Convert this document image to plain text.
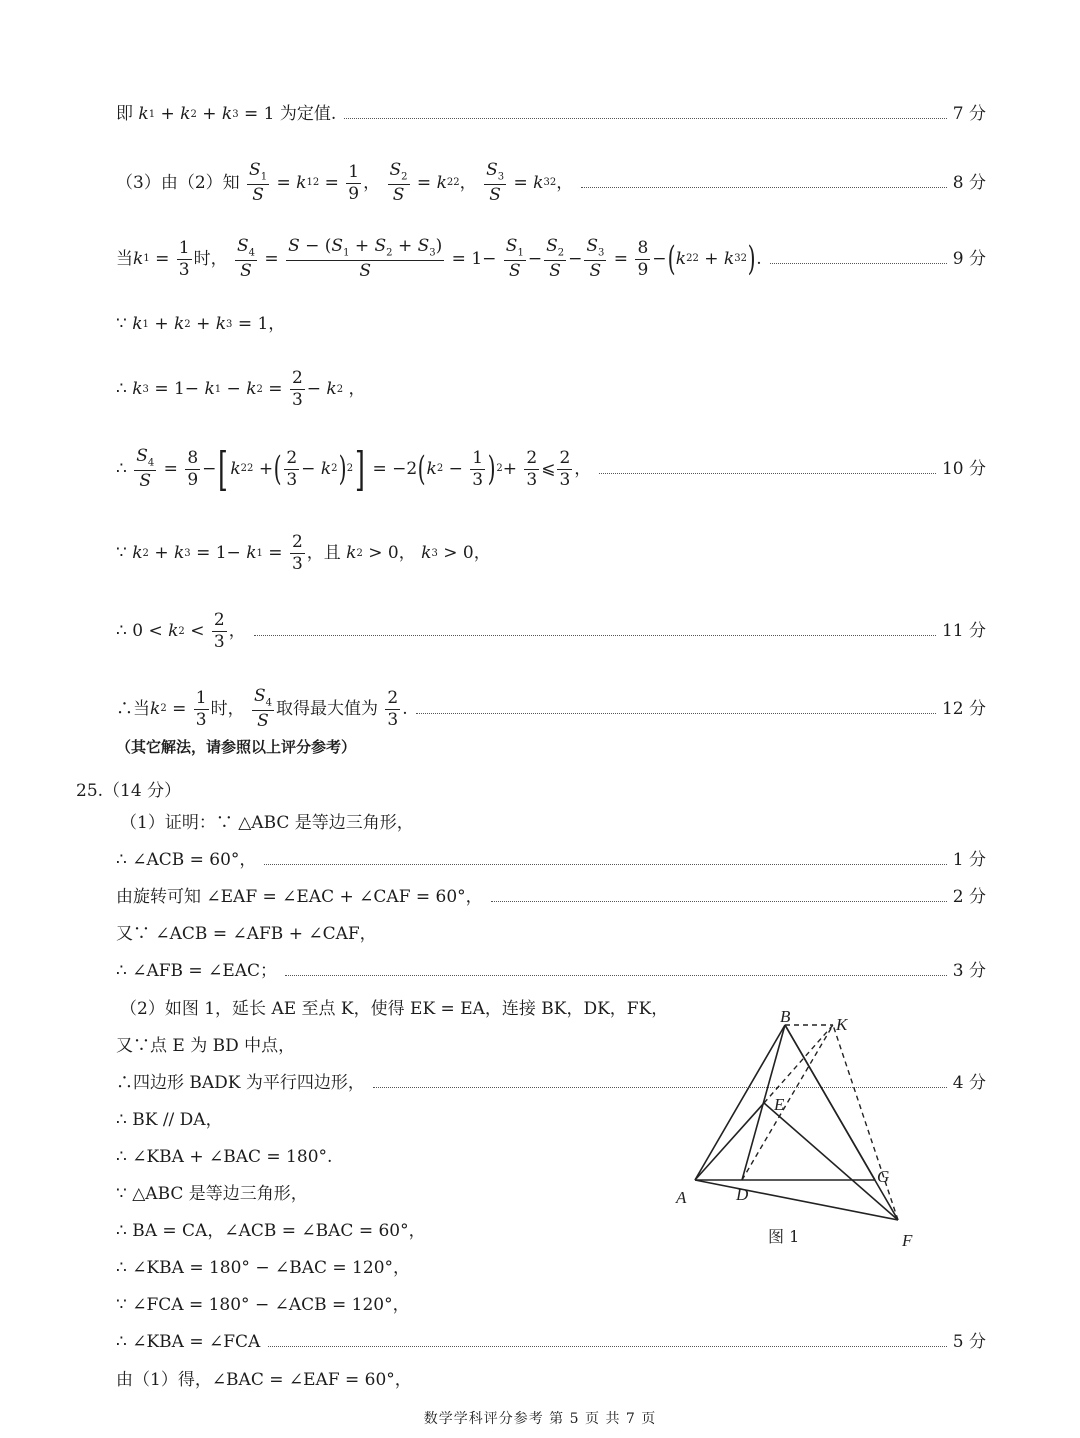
即 k 1 + k 2 + k 3 = 1 为定值.	7 分
（3）由（2）知
$\frac{S_1}{S} = k$ 1 $2 = \frac{1}{9}$ ， $\frac{S_2}{S} = k$ 2 2 ， $\frac{S_3}{S} = k$ 3 2 ，	8 分
当 k $1 = \frac{1}{3}$ 时， $\frac{S_4}{S} = \frac{S - (S_1 + S_2 + S_3)}{S} = 1- \frac{S_1}{S} - \frac{S_2}{S} - \frac{S_3}{S} = \frac{8}{9}$ − ( k 2 2 + k 3 2 ) .	9 分
∵ k 1 + k 2 + k 3 = 1，
∴
k 3 = 1− k 1 − k $2 = \frac{2}{3} - k$ 2 ，
∴
$\frac{S_4}{S} = \frac{8}{9}$ − [ k 2 2 + ( $\frac{2}{3} - k$ 2 ) 2 ] = −2 ( k $2 - \frac{1}{3}$ ) $2 + \frac{2}{3}$ ⩽ $\frac{2}{3}$ ，	10 分
∵
k 2 + k 3 = 1− k $1 = \frac{2}{3}$ ，且 k 2 > 0， k 3 > 0，
∴ 0 < k $2 < \frac{2}{3}$ ，	11 分
∴当 k $2 = \frac{1}{3}$ 时， $\frac{S_4}{S}$ 取得最大值为 $\frac{2}{3}$ .	12 分
（其它解法，请参照以上评分参考）
25.（14 分）
（1）证明：∵ △ABC 是等边三角形，
∴ ∠ACB = 60°，	1 分
由旋转可知 ∠EAF = ∠EAC + ∠CAF = 60°，	2 分
又∵ ∠ACB = ∠AFB + ∠CAF，
∴ ∠AFB = ∠EAC；	3 分
（2）如图 1，延长 AE 至点 K，使得 EK = EA，连接 BK，DK，FK，
又∵点 E 为 BD 中点，
∴四边形 BADK 为平行四边形，	4 分
∴ BK // DA，
∴ ∠KBA + ∠BAC = 180°.
∵ △ABC 是等边三角形，
∴ BA = CA，∠ACB = ∠BAC = 60°，
∴ ∠KBA = 180° − ∠BAC = 120°，
∵ ∠FCA = 180° − ∠ACB = 120°，
∴ ∠KBA = ∠FCA	5 分
由（1）得，∠BAC = ∠EAF = 60°，
A
B	K
E
G
D
F
图 1
数学学科评分参考 第 5 页 共 7 页
